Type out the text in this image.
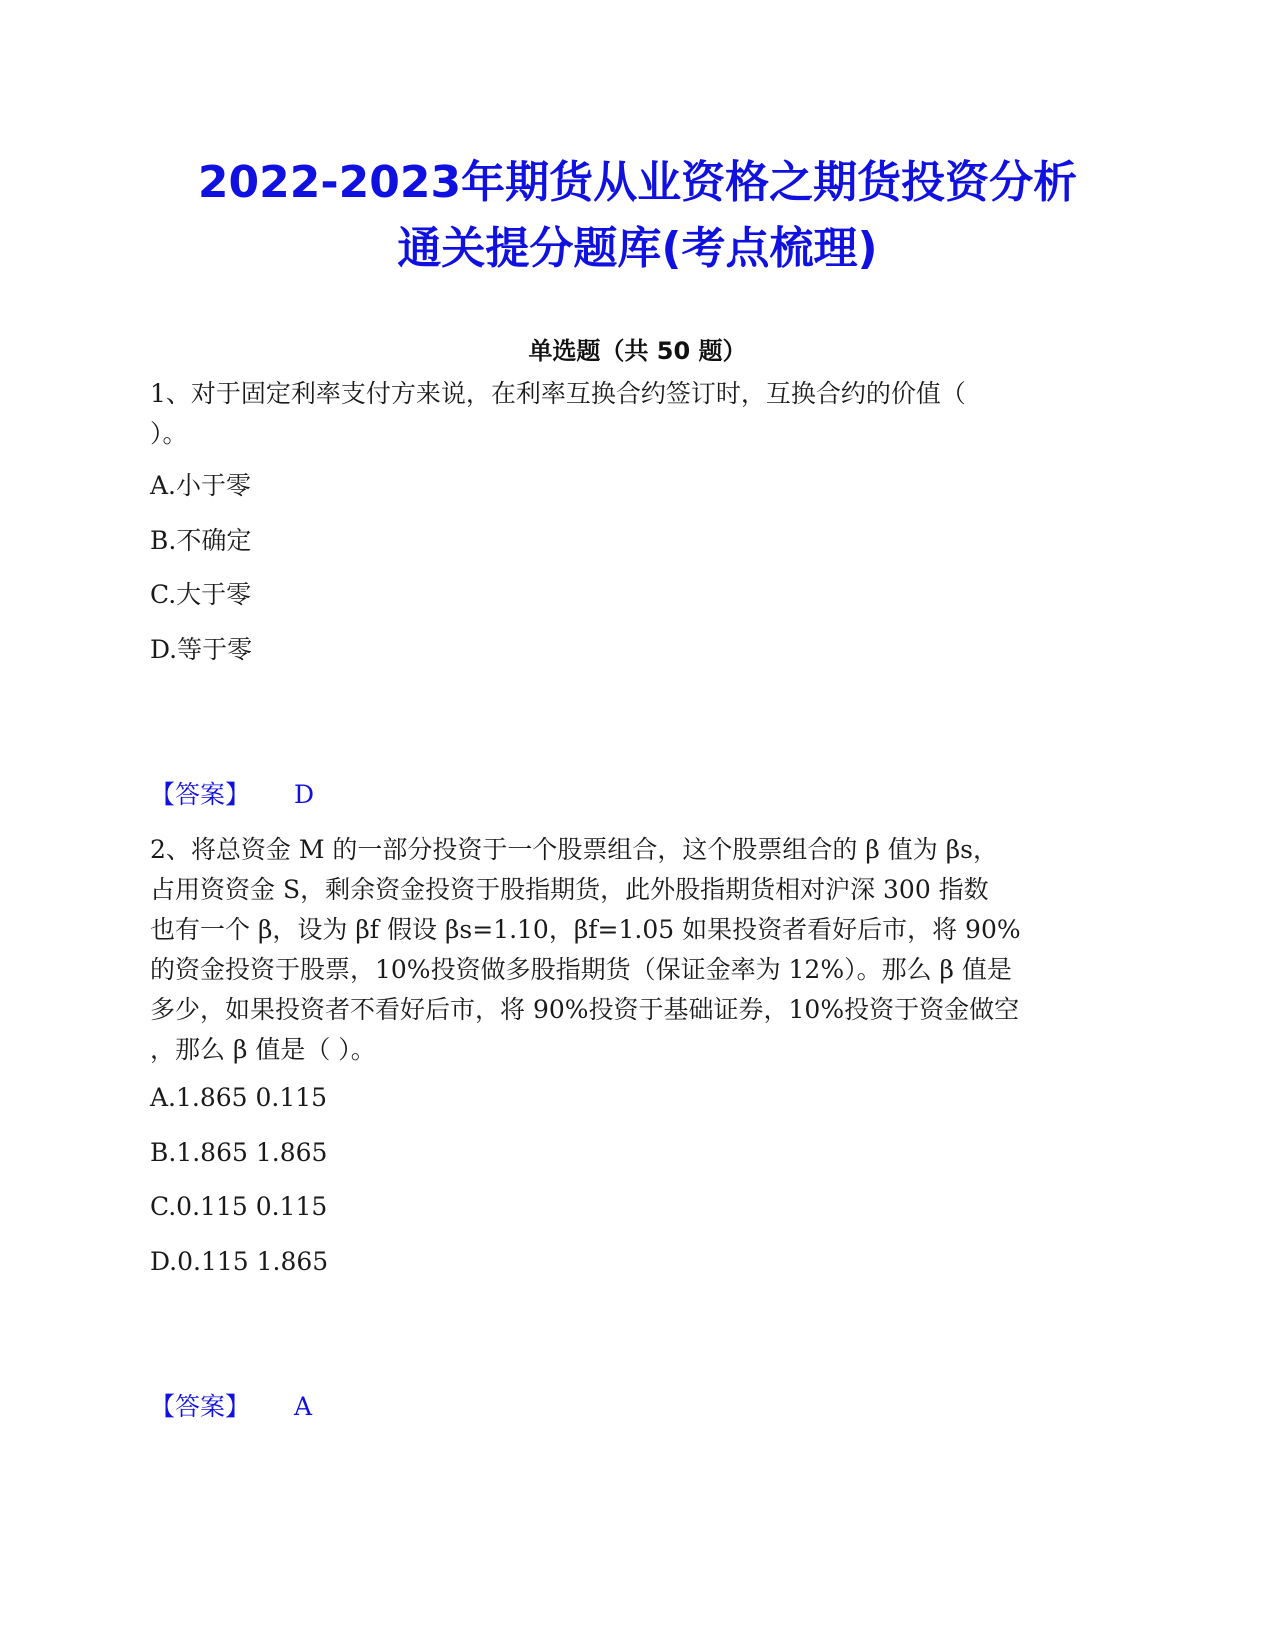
2022-2023年期货从业资格之期货投资分析
通关提分题库(考点梳理)
单选题（共 50 题）
1、对于固定利率支付方来说，在利率互换合约签订时，互换合约的价值（
）。
A.小于零
B.不确定
C.大于零
D.等于零
【答案】 D
2、将总资金 M 的一部分投资于一个股票组合，这个股票组合的 β 值为 βs，
占用资资金 S，剩余资金投资于股指期货，此外股指期货相对沪深 300 指数
也有一个 β，设为 βf 假设 βs=1.10，βf=1.05 如果投资者看好后市，将 90%
的资金投资于股票，10%投资做多股指期货（保证金率为 12%）。那么 β 值是
多少，如果投资者不看好后市，将 90%投资于基础证券，10%投资于资金做空
，那么 β 值是（ ）。
A.1.865 0.115
B.1.865 1.865
C.0.115 0.115
D.0.115 1.865
【答案】 A
